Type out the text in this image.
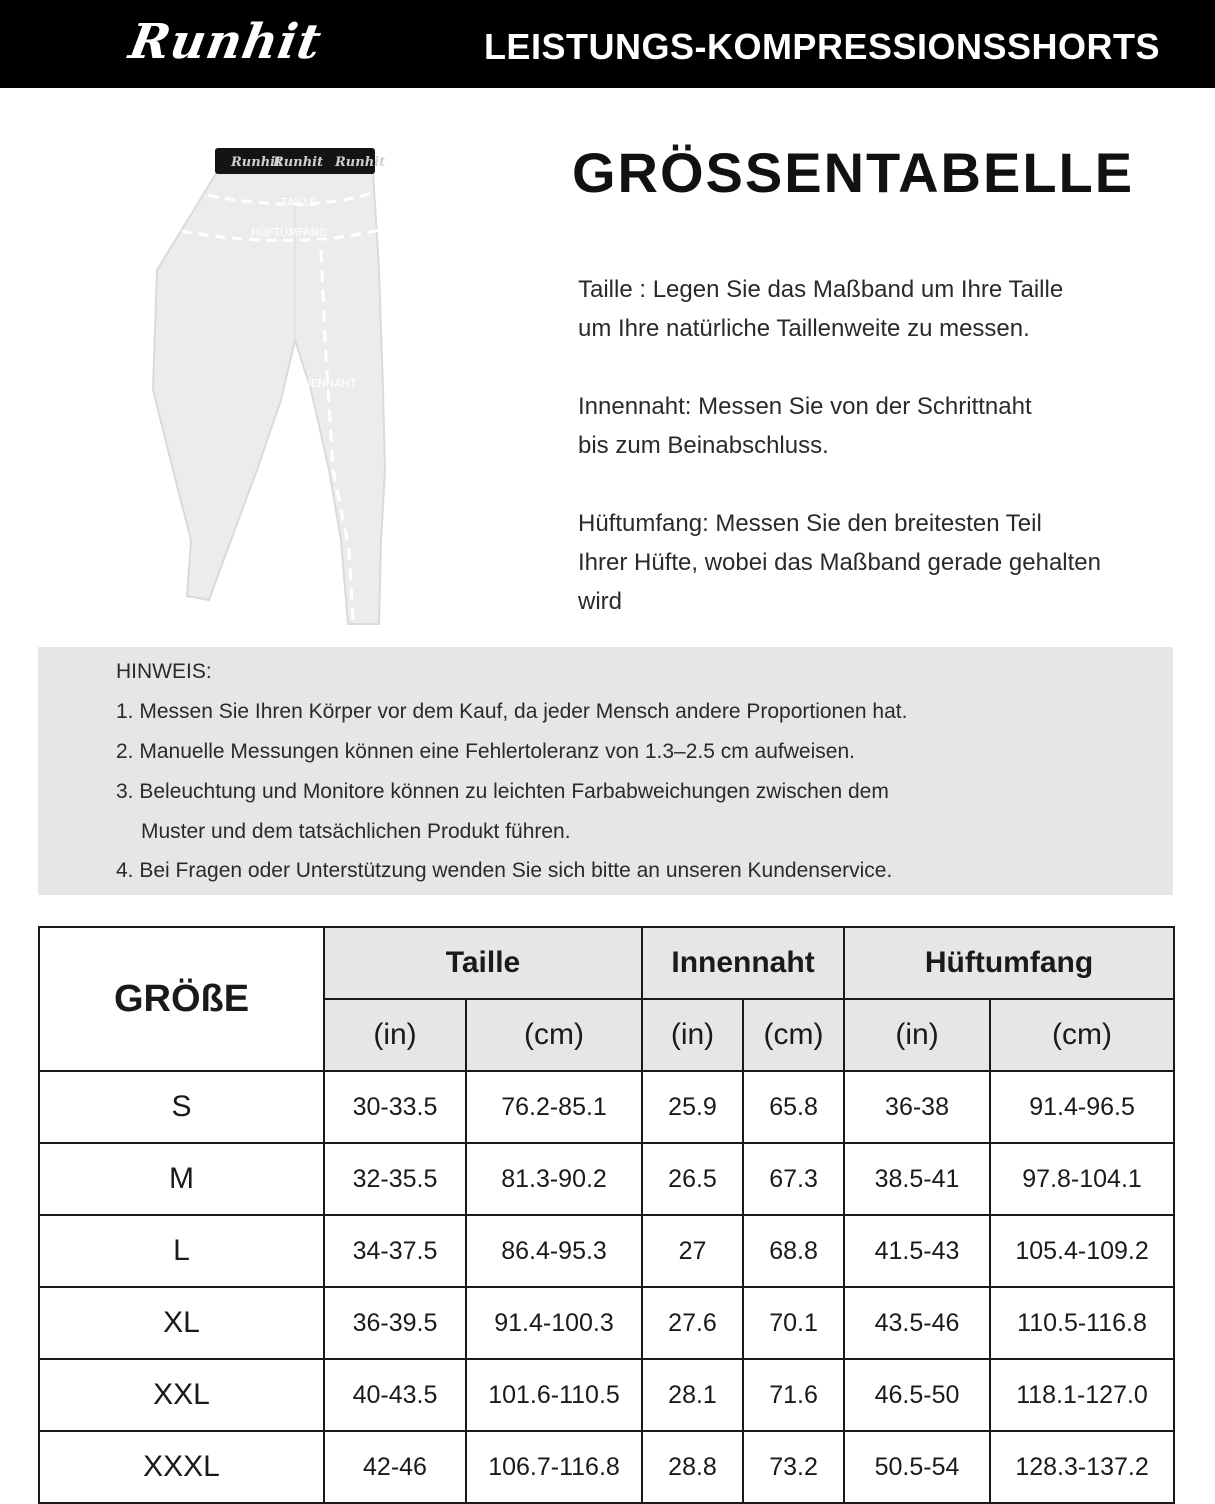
Runhit	LEISTUNGS-KOMPRESSIONSSHORTS
Runhit
Runhit Runhit
TAILLE
HÜFTUMFANG
INNENNAHT
GRÖSSENTABELLE

Taille : Legen Sie das Maßband um Ihre Taille

um Ihre natürliche Taillenweite zu messen.

Innennaht: Messen Sie von der Schrittnaht

bis zum Beinabschluss.

Hüftumfang: Messen Sie den breitesten Teil

Ihrer Hüfte, wobei das Maßband gerade gehalten

wird

HINWEIS:
1. Messen Sie Ihren Körper vor dem Kauf, da jeder Mensch andere Proportionen hat.
2. Manuelle Messungen können eine Fehlertoleranz von 1.3–2.5 cm aufweisen.
3. Beleuchtung und Monitore können zu leichten Farbabweichungen zwischen dem
Muster und dem tatsächlichen Produkt führen.
4. Bei Fragen oder Unterstützung wenden Sie sich bitte an unseren Kundenservice.
GRÖßE	Taille		Innennaht		Hüftumfang	
	(in)	(cm)	(in)	(cm)	(in)	(cm)
S	30-33.5	76.2-85.1	25.9	65.8	36-38	91.4-96.5
M	32-35.5	81.3-90.2	26.5	67.3	38.5-41	97.8-104.1
L	34-37.5	86.4-95.3	27	68.8	41.5-43	105.4-109.2
XL	36-39.5	91.4-100.3	27.6	70.1	43.5-46	110.5-116.8
XXL	40-43.5	101.6-110.5	28.1	71.6	46.5-50	118.1-127.0
XXXL	42-46	106.7-116.8	28.8	73.2	50.5-54	128.3-137.2
